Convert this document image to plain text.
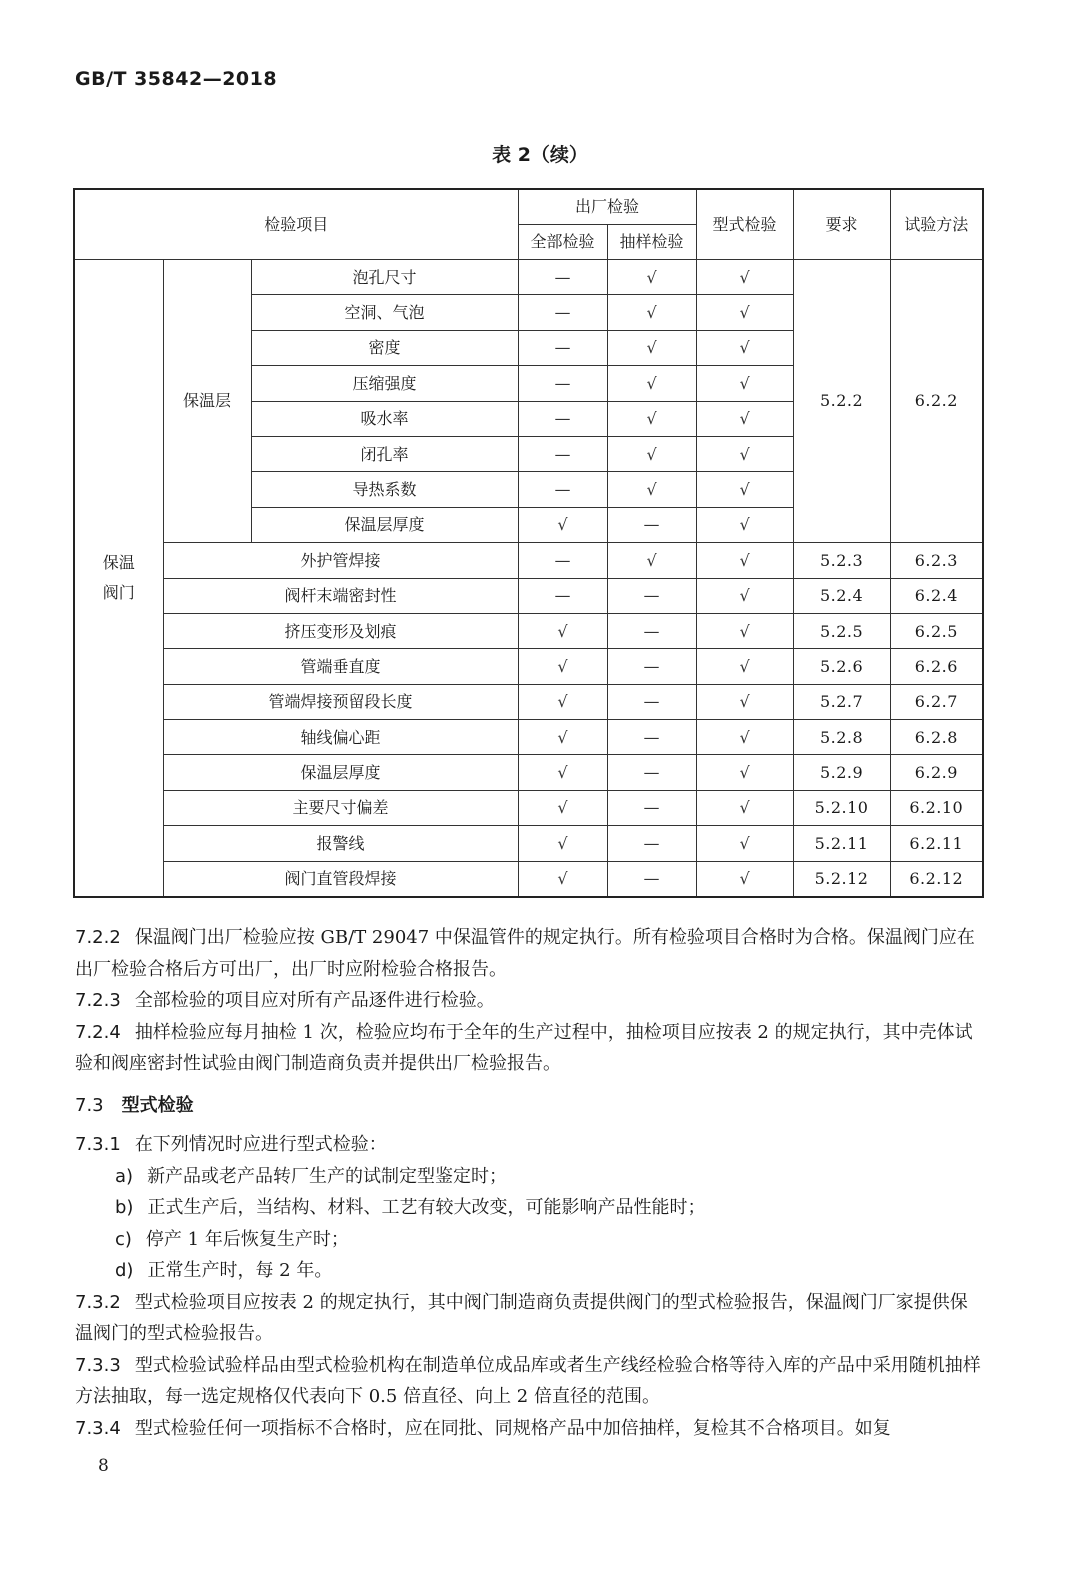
GB/T 35842—2018
表 2（续）
检验项目			出厂检验		型式检验	要求	试验方法
			全部检验	抽样检验			
保温
阀门	保温层	泡孔尺寸	—	√	√	5.2.2	6.2.2
		空洞、气泡	—	√	√		
		密度	—	√	√		
		压缩强度	—	√	√		
		吸水率	—	√	√		
		闭孔率	—	√	√		
		导热系数	—	√	√		
		保温层厚度	√	—	√		
	外护管焊接		—	√	√	5.2.3	6.2.3
	阀杆末端密封性		—	—	√	5.2.4	6.2.4
	挤压变形及划痕		√	—	√	5.2.5	6.2.5
	管端垂直度		√	—	√	5.2.6	6.2.6
	管端焊接预留段长度		√	—	√	5.2.7	6.2.7
	轴线偏心距		√	—	√	5.2.8	6.2.8
	保温层厚度		√	—	√	5.2.9	6.2.9
	主要尺寸偏差		√	—	√	5.2.10	6.2.10
	报警线		√	—	√	5.2.11	6.2.11
	阀门直管段焊接		√	—	√	5.2.12	6.2.12

7.2.2 保温阀门出厂检验应按 GB/T 29047 中保温管件的规定执行。所有检验项目合格时为合格。保温阀门应在出厂检验合格后方可出厂，出厂时应附检验合格报告。

7.2.3 全部检验的项目应对所有产品逐件进行检验。

7.2.4 抽样检验应每月抽检 1 次，检验应均布于全年的生产过程中，抽检项目应按表 2 的规定执行，其中壳体试验和阀座密封性试验由阀门制造商负责并提供出厂检验报告。

7.3 型式检验

7.3.1 在下列情况时应进行型式检验：

a) 新产品或老产品转厂生产的试制定型鉴定时；

b) 正式生产后，当结构、材料、工艺有较大改变，可能影响产品性能时；

c) 停产 1 年后恢复生产时；

d) 正常生产时，每 2 年。

7.3.2 型式检验项目应按表 2 的规定执行，其中阀门制造商负责提供阀门的型式检验报告，保温阀门厂家提供保温阀门的型式检验报告。

7.3.3 型式检验试验样品由型式检验机构在制造单位成品库或者生产线经检验合格等待入库的产品中采用随机抽样方法抽取，每一选定规格仅代表向下 0.5 倍直径、向上 2 倍直径的范围。

7.3.4 型式检验任何一项指标不合格时，应在同批、同规格产品中加倍抽样，复检其不合格项目。如复

8
